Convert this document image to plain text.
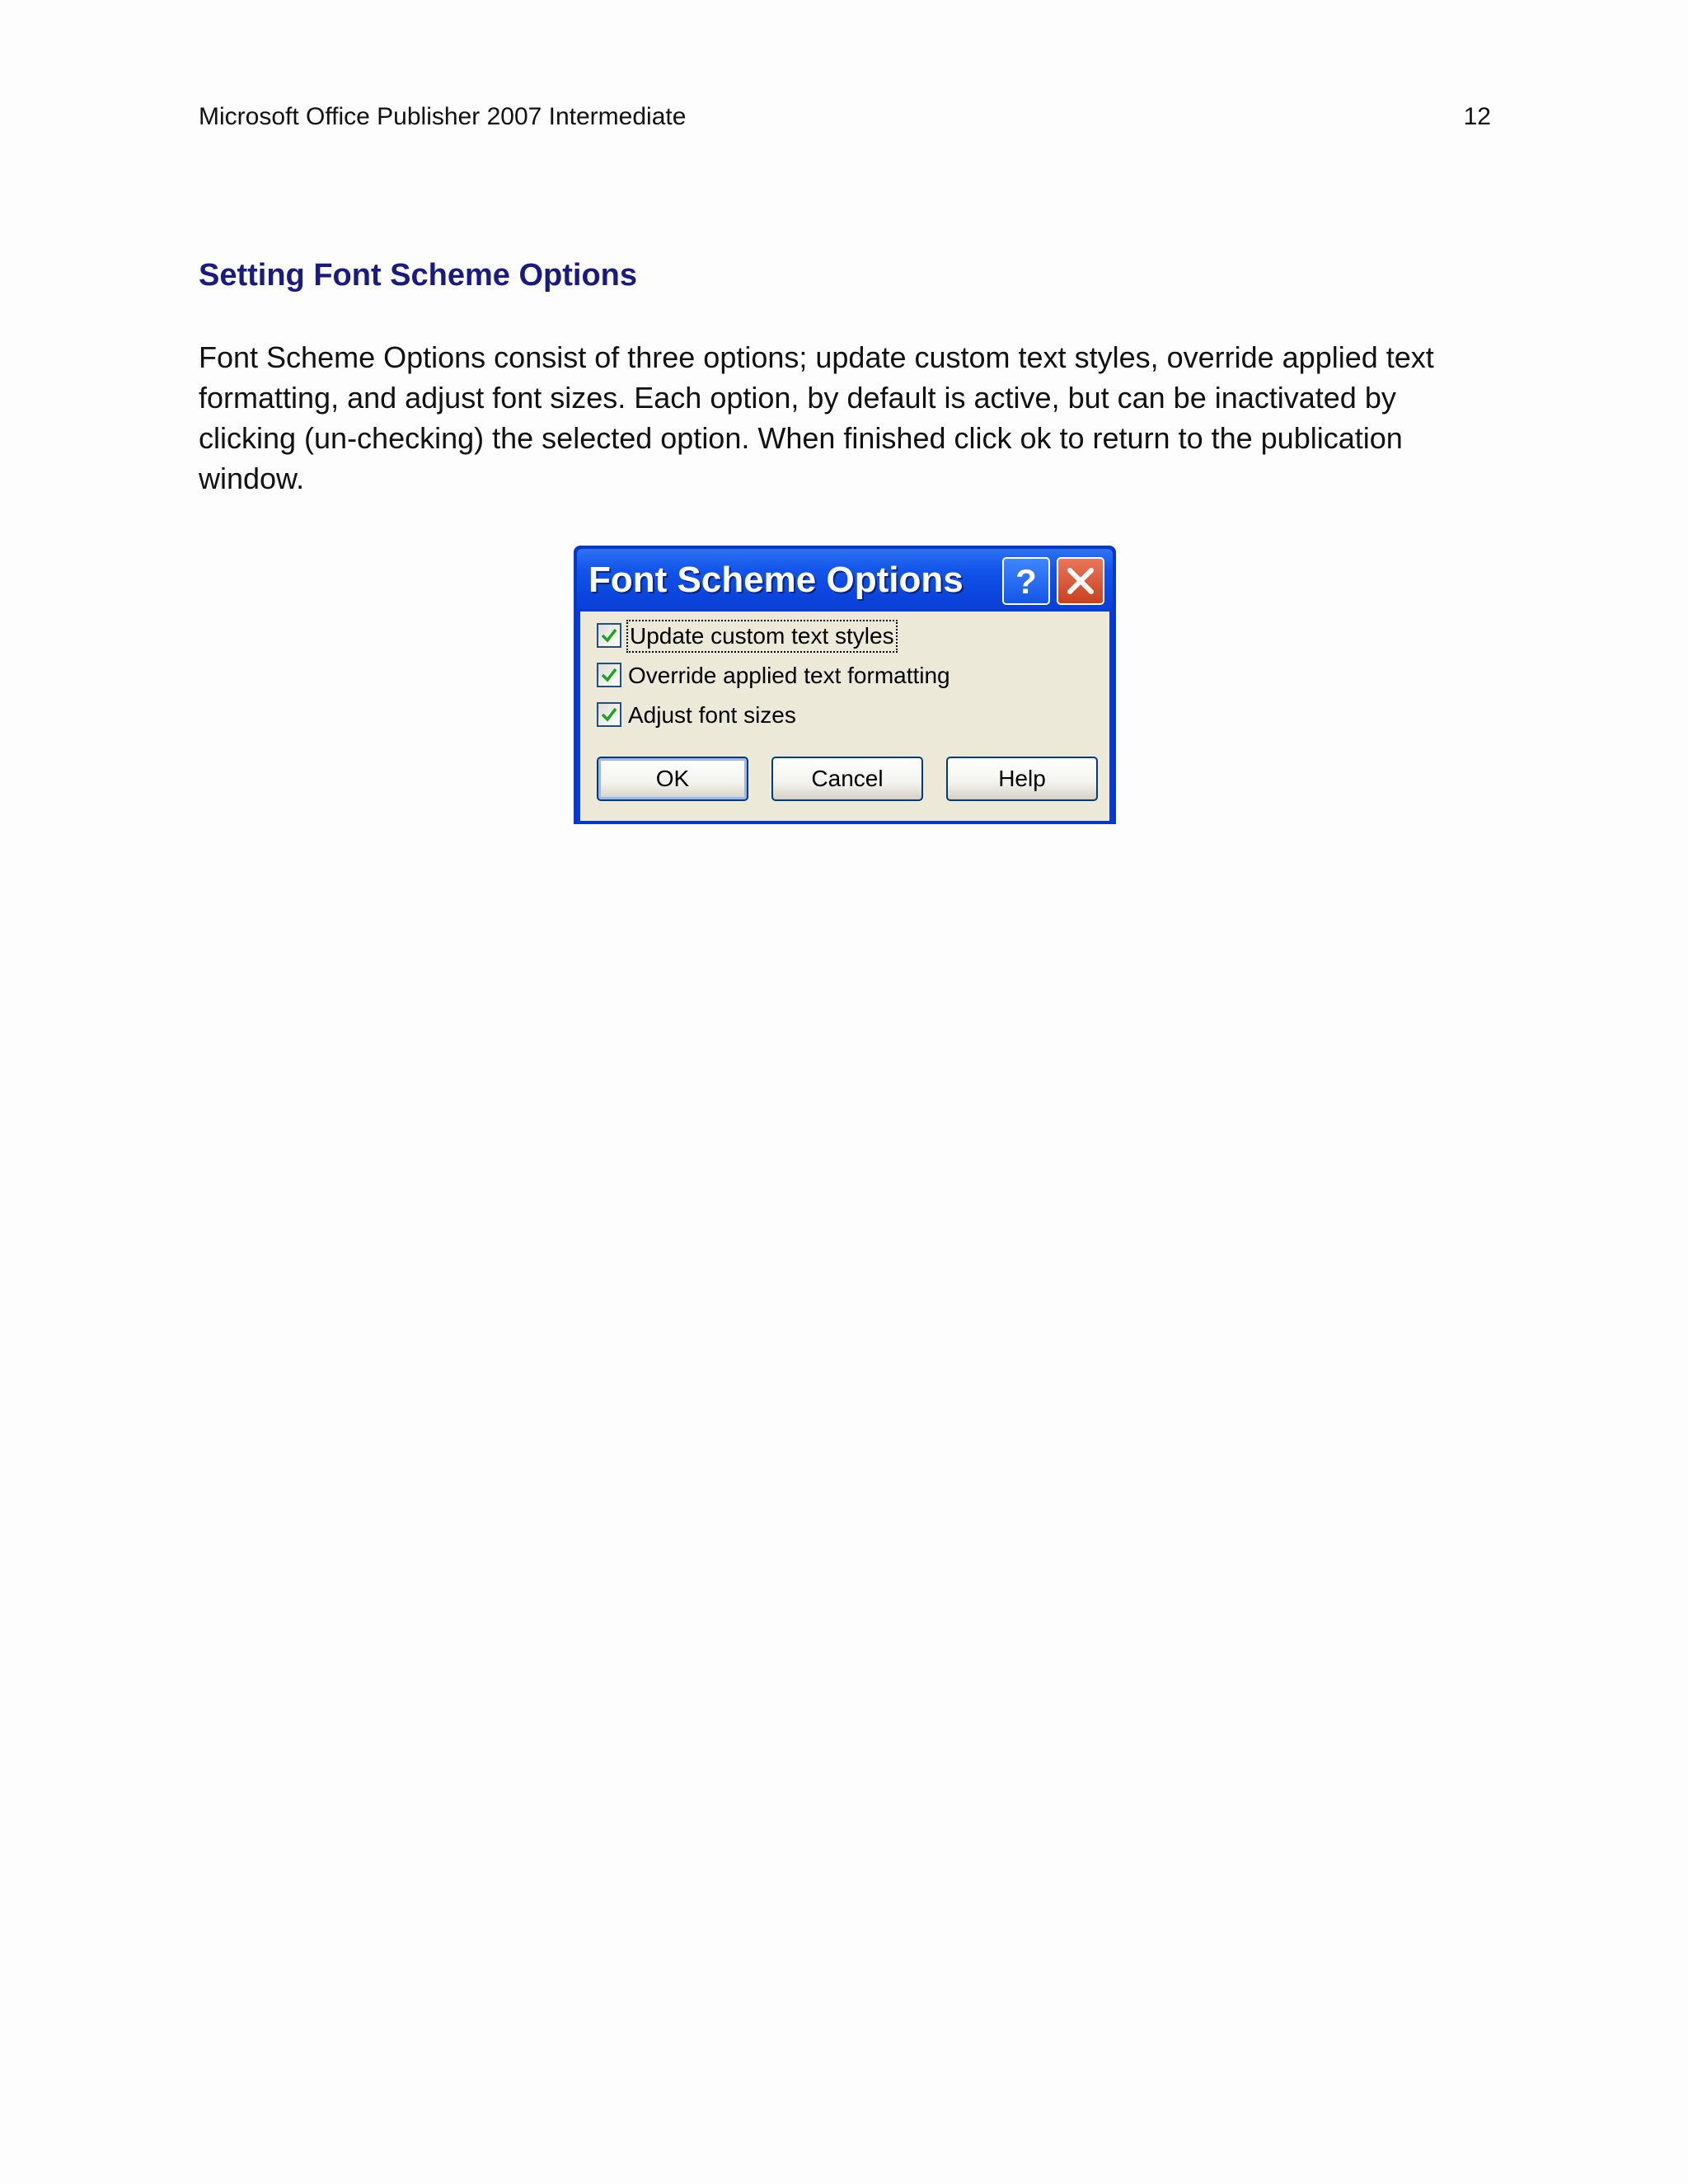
Microsoft Office Publisher 2007 Intermediate	12
Setting Font Scheme Options

Font Scheme Options consist of three options; update custom text styles, override applied text formatting, and adjust font sizes. Each option, by default is active, but can be inactivated by clicking (un-checking) the selected option. When finished click ok to return to the publication window.

Font Scheme Options ?
Update custom text styles
Override applied text formatting
Adjust font sizes
OK	Cancel	Help
